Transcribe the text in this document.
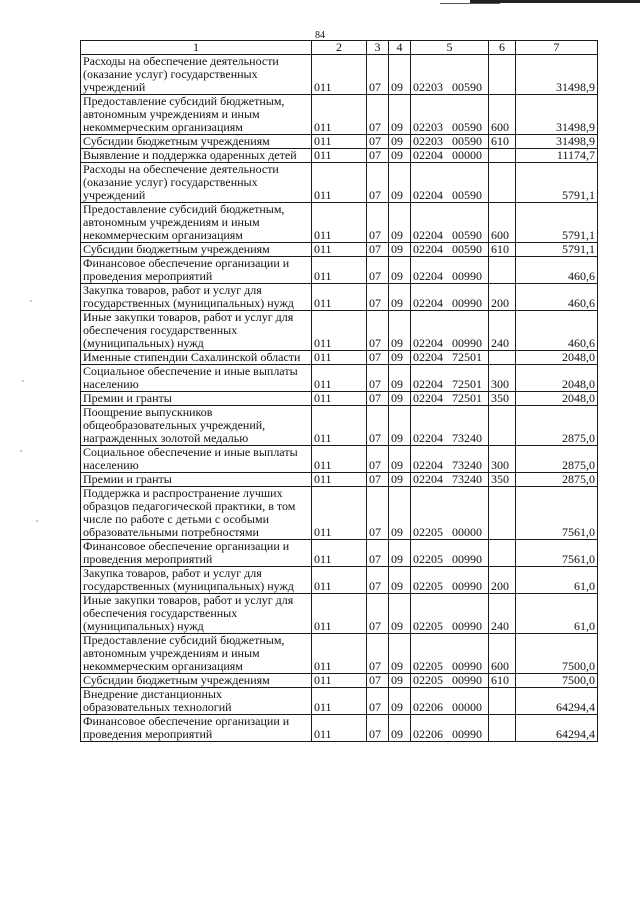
84
1	2	3	4	5	6	7
Расходы на обеспечение деятельности (оказание услуг) государственных учреждений	011	07	09	02203 00590		31498,9
Предоставление субсидий бюджетным, автономным учреждениям и иным некоммерческим организациям	011	07	09	02203 00590	600	31498,9
Субсидии бюджетным учреждениям	011	07	09	02203 00590	610	31498,9
Выявление и поддержка одаренных детей	011	07	09	02204 00000		11174,7
Расходы на обеспечение деятельности (оказание услуг) государственных учреждений	011	07	09	02204 00590		5791,1
Предоставление субсидий бюджетным, автономным учреждениям и иным некоммерческим организациям	011	07	09	02204 00590	600	5791,1
Субсидии бюджетным учреждениям	011	07	09	02204 00590	610	5791,1
Финансовое обеспечение организации и проведения мероприятий	011	07	09	02204 00990		460,6
Закупка товаров, работ и услуг для государственных (муниципальных) нужд	011	07	09	02204 00990	200	460,6
Иные закупки товаров, работ и услуг для обеспечения государственных (муниципальных) нужд	011	07	09	02204 00990	240	460,6
Именные стипендии Сахалинской области	011	07	09	02204 72501		2048,0
Социальное обеспечение и иные выплаты населению	011	07	09	02204 72501	300	2048,0
Премии и гранты	011	07	09	02204 72501	350	2048,0
Поощрение выпускников общеобразовательных учреждений, награжденных золотой медалью	011	07	09	02204 73240		2875,0
Социальное обеспечение и иные выплаты населению	011	07	09	02204 73240	300	2875,0
Премии и гранты	011	07	09	02204 73240	350	2875,0
Поддержка и распространение лучших образцов педагогической практики, в том числе по работе с детьми с особыми образовательными потребностями	011	07	09	02205 00000		7561,0
Финансовое обеспечение организации и проведения мероприятий	011	07	09	02205 00990		7561,0
Закупка товаров, работ и услуг для государственных (муниципальных) нужд	011	07	09	02205 00990	200	61,0
Иные закупки товаров, работ и услуг для обеспечения государственных (муниципальных) нужд	011	07	09	02205 00990	240	61,0
Предоставление субсидий бюджетным, автономным учреждениям и иным некоммерческим организациям	011	07	09	02205 00990	600	7500,0
Субсидии бюджетным учреждениям	011	07	09	02205 00990	610	7500,0
Внедрение дистанционных образовательных технологий	011	07	09	02206 00000		64294,4
Финансовое обеспечение организации и проведения мероприятий	011	07	09	02206 00990		64294,4
